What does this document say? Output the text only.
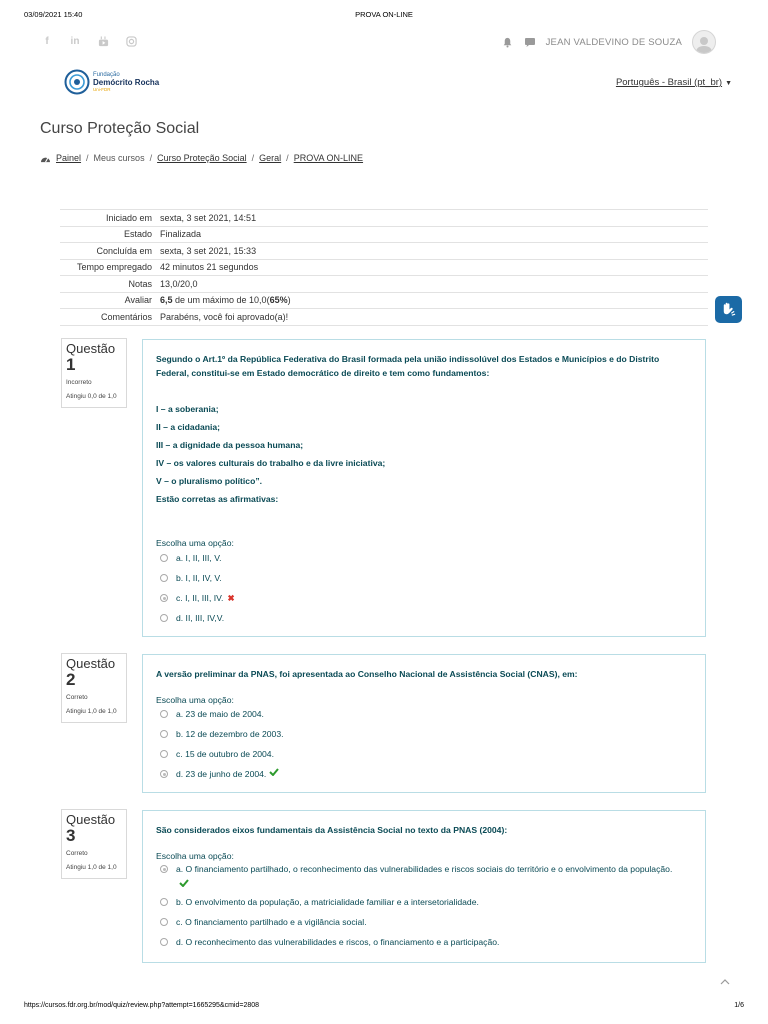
03/09/2021 15:40	PROVA ON-LINE
f	in	JEAN VALDEVINO DE SOUZA
Fundação
Demócrito Rocha
Uni-FDR
Português - Brasil (pt_br) ▼
Curso Proteção Social
Painel / Meus cursos / Curso Proteção Social / Geral / PROVA ON-LINE
Iniciado em	sexta, 3 set 2021, 14:51
Estado	Finalizada
Concluída em	sexta, 3 set 2021, 15:33
Tempo empregado	42 minutos 21 segundos
Notas	13,0/20,0
Avaliar	6,5 de um máximo de 10,0(65%)
Comentários	Parabéns, você foi aprovado(a)!
Questão
1
Incorreto
Atingiu 0,0 de 1,0

Segundo o Art.1º da República Federativa do Brasil formada pela união indissolúvel dos Estados e Municípios e do Distrito Federal, constitui-se em Estado democrático de direito e tem como fundamentos:

I – a soberania;

II – a cidadania;

III – a dignidade da pessoa humana;

IV – os valores culturais do trabalho e da livre iniciativa;

V – o pluralismo político”.

Estão corretas as afirmativas:

Escolha uma opção:
a. I, II, III, V.
b. I, II, IV, V.
c. I, II, III, IV. ✖
d. II, III, IV,V.
Questão
2
Correto
Atingiu 1,0 de 1,0
A versão preliminar da PNAS, foi apresentada ao Conselho Nacional de Assistência Social (CNAS), em:
Escolha uma opção:
a. 23 de maio de 2004.
b. 12 de dezembro de 2003.
c. 15 de outubro de 2004.
d. 23 de junho de 2004.
Questão
3
Correto
Atingiu 1,0 de 1,0
São considerados eixos fundamentais da Assistência Social no texto da PNAS (2004):
Escolha uma opção:
a. O financiamento partilhado, o reconhecimento das vulnerabilidades e riscos sociais do território e o envolvimento da população.
b. O envolvimento da população, a matricialidade familiar e a intersetorialidade.
c. O financiamento partilhado e a vigilância social.
d. O reconhecimento das vulnerabilidades e riscos, o financiamento e a participação.
https://cursos.fdr.org.br/mod/quiz/review.php?attempt=1665295&cmid=2808	1/6
